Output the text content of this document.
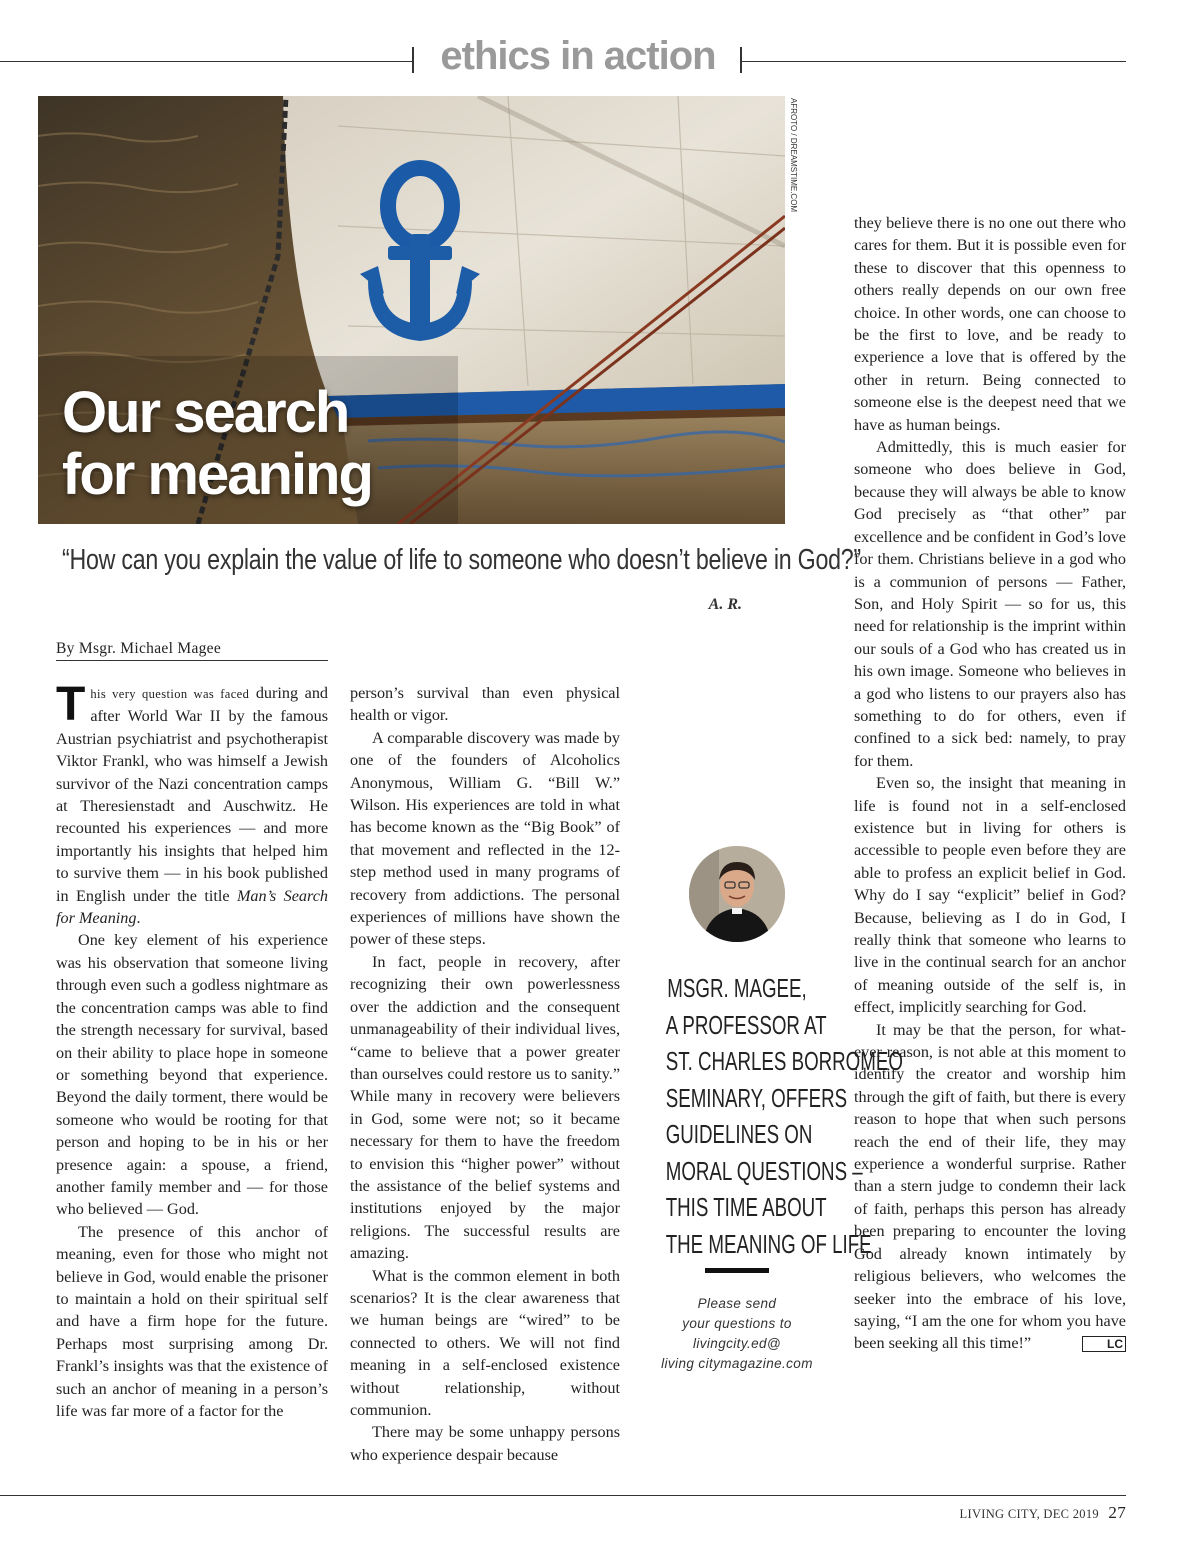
ethics in action
Our search
for meaning
AFROTO / DREAMSTIME.COM
“How can you explain the value of life to someone who doesn’t believe in God?”
A. R.
By Msgr. Michael Magee

This very question was faced during and after World War II by the famous Austrian psychiatrist and psychotherapist Viktor Frankl, who was himself a Jewish survivor of the Nazi concentration camps at Theresienstadt and Auschwitz. He recounted his experiences — and more importantly his insights that helped him to survive them — in his book published in English under the title Man’s Search for Meaning.

One key element of his experience was his observation that someone living through even such a godless nightmare as the concentration camps was able to find the strength necessary for survival, based on their ability to place hope in someone or something beyond that experience. Beyond the daily torment, there would be someone who would be rooting for that person and hoping to be in his or her presence again: a spouse, a friend, another family member and — for those who believed — God.

The presence of this anchor of meaning, even for those who might not believe in God, would enable the prisoner to maintain a hold on their spiritual self and have a firm hope for the future. Perhaps most surprising among Dr. Frankl’s insights was that the existence of such an anchor of meaning in a person’s life was far more of a factor for the

person’s survival than even physical health or vigor.

A comparable discovery was made by one of the founders of Alcoholics Anonymous, William G. “Bill W.” Wilson. His experiences are told in what has become known as the “Big Book” of that movement and reflected in the 12-step method used in many programs of recovery from addictions. The personal experiences of millions have shown the power of these steps.

In fact, people in recovery, after recognizing their own powerlessness over the addiction and the consequent unmanageability of their individual lives, “came to believe that a power greater than ourselves could restore us to sanity.” While many in recovery were believers in God, some were not; so it became necessary for them to have the freedom to envision this “higher power” without the assistance of the belief systems and institutions enjoyed by the major religions. The successful results are amazing.

What is the common element in both scenarios? It is the clear awareness that we human beings are “wired” to be connected to others. We will not find meaning in a self-enclosed existence without relationship, without communion.

There may be some unhappy persons who experience despair because

MSGR. MAGEE,
A PROFESSOR AT
ST. CHARLES BORROMEO
SEMINARY, OFFERS
GUIDELINES ON
MORAL QUESTIONS –
THIS TIME ABOUT
THE MEANING OF LIFE
Please send
your questions to
livingcity.ed@
living citymagazine.com

they believe there is no one out there who cares for them. But it is possible even for these to discover that this openness to others really depends on our own free choice. In other words, one can choose to be the first to love, and be ready to experience a love that is offered by the other in return. Being connected to someone else is the deepest need that we have as human beings.

Admittedly, this is much easier for someone who does believe in God, because they will always be able to know God precisely as “that other” par excellence and be confident in God’s love for them. Christians believe in a god who is a communion of persons — Father, Son, and Holy Spirit — so for us, this need for relationship is the imprint within our souls of a God who has created us in his own image. Someone who believes in a god who listens to our prayers also has something to do for others, even if confined to a sick bed: namely, to pray for them.

Even so, the insight that meaning in life is found not in a self-enclosed existence but in living for others is accessible to people even before they are able to profess an explicit belief in God. Why do I say “explicit” belief in God? Because, believing as I do in God, I really think that someone who learns to live in the continual search for an anchor of meaning outside of the self is, in effect, implicitly searching for God.

It may be that the person, for whatever reason, is not able at this moment to identify the creator and worship him through the gift of faith, but there is every reason to hope that when such persons reach the end of their life, they may experience a wonderful surprise. Rather than a stern judge to condemn their lack of faith, perhaps this person has already been preparing to encounter the loving God already known intimately by religious believers, who welcomes the seeker into the embrace of his love, saying, “I am the one for whom you have been seeking all this time!”	LC

LIVING CITY, DEC 2019 27
